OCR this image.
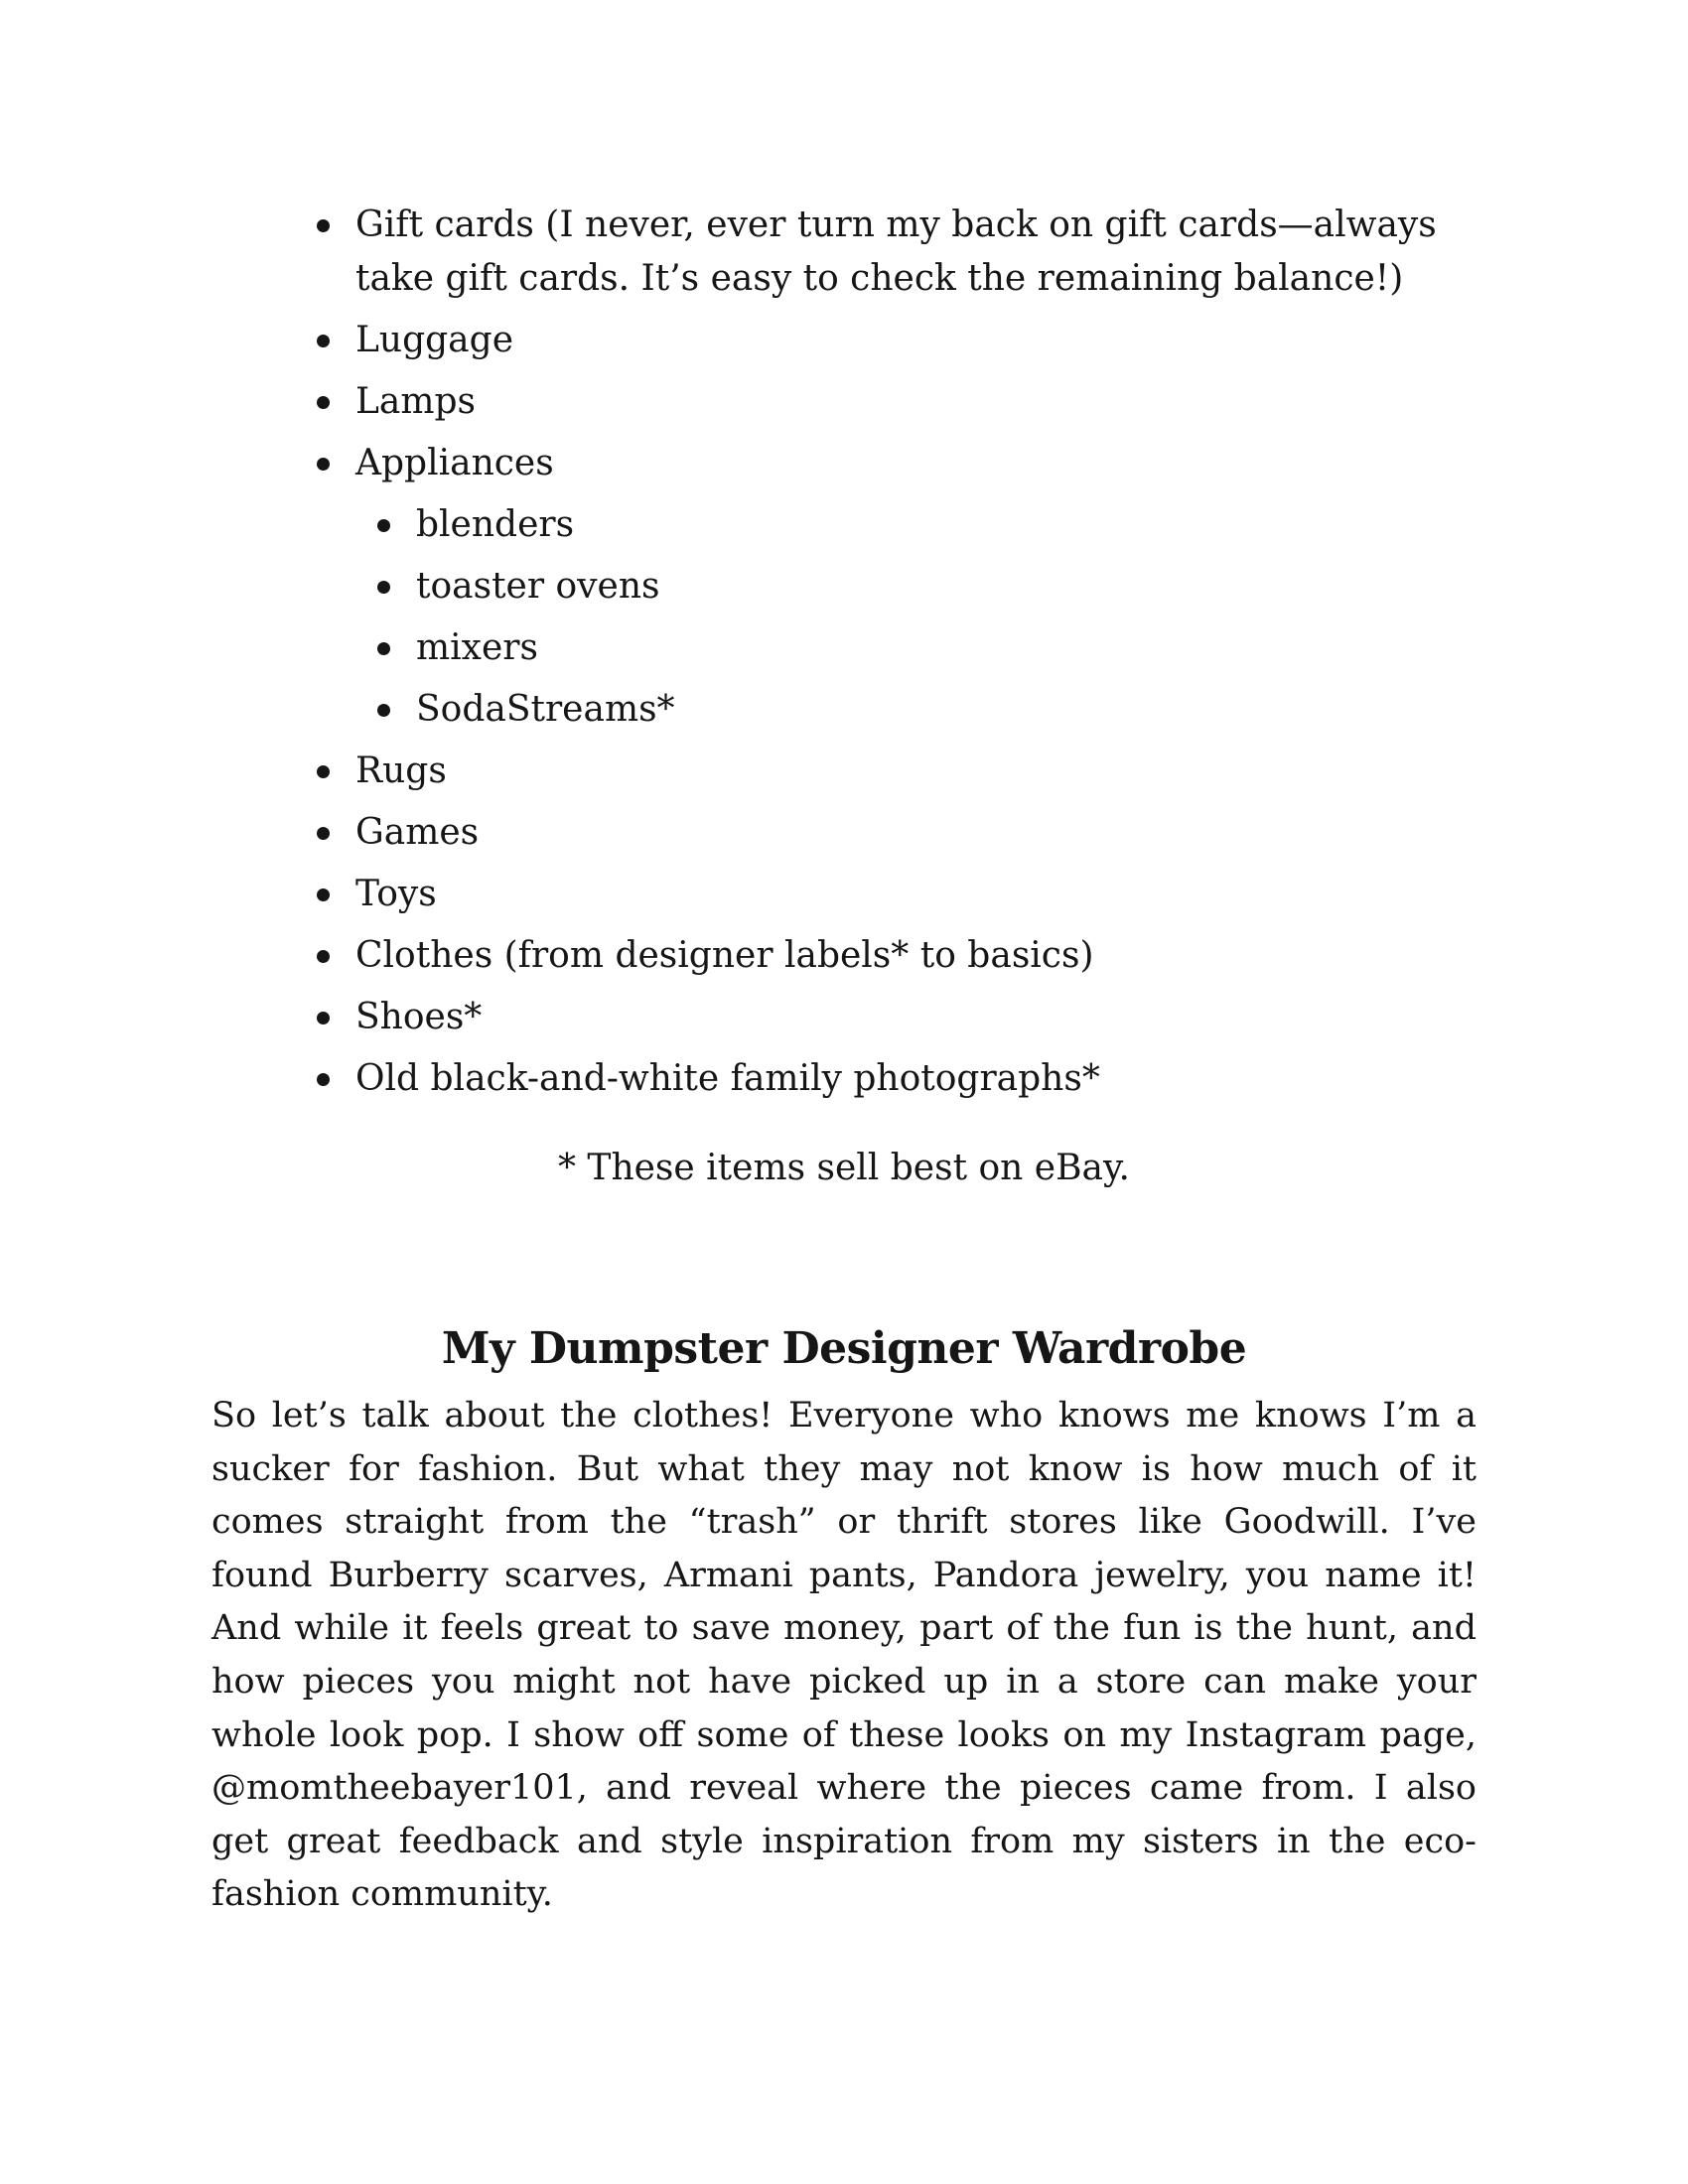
Gift cards (I never, ever turn my back on gift cards—always take gift cards. It’s easy to check the remaining balance!)
Luggage
Lamps
Appliances
blenders
toaster ovens
mixers
SodaStreams*
Rugs
Games
Toys
Clothes (from designer labels* to basics)
Shoes*
Old black-and-white family photographs*
* These items sell best on eBay.
My Dumpster Designer Wardrobe

So let’s talk about the clothes! Everyone who knows me knows I’m a sucker for fashion. But what they may not know is how much of it comes straight from the “trash” or thrift stores like Goodwill. I’ve found Burberry scarves, Armani pants, Pandora jewelry, you name it! And while it feels great to save money, part of the fun is the hunt, and how pieces you might not have picked up in a store can make your whole look pop. I show off some of these looks on my Instagram page, @momtheebayer101, and reveal where the pieces came from. I also get great feedback and style inspiration from my sisters in the eco-fashion community.
